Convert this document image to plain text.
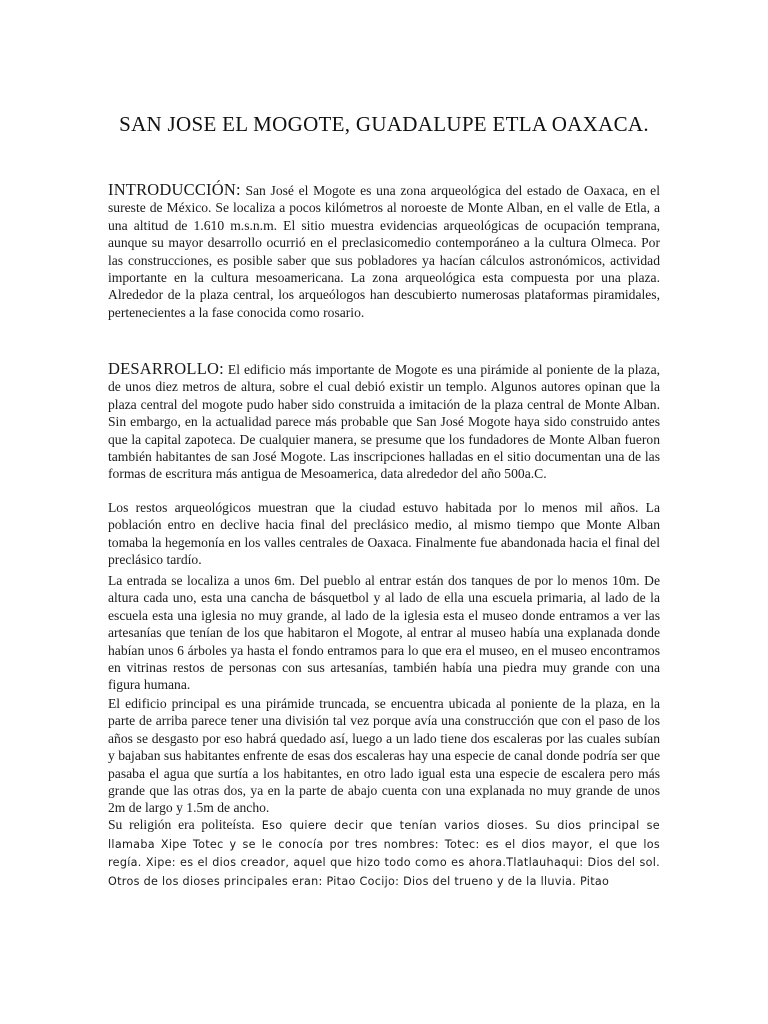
SAN JOSE EL MOGOTE, GUADALUPE ETLA OAXACA.

INTRODUCCIÓN: San José el Mogote es una zona arqueológica del estado de Oaxaca, en el sureste de México. Se localiza a pocos kilómetros al noroeste de Monte Alban, en el valle de Etla, a una altitud de 1.610 m.s.n.m. El sitio muestra evidencias arqueológicas de ocupación temprana, aunque su mayor desarrollo ocurrió en el preclasicomedio contemporáneo a la cultura Olmeca. Por las construcciones, es posible saber que sus pobladores ya hacían cálculos astronómicos, actividad importante en la cultura mesoamericana. La zona arqueológica esta compuesta por una plaza. Alrededor de la plaza central, los arqueólogos han descubierto numerosas plataformas piramidales, pertenecientes a la fase conocida como rosario.

DESARROLLO: El edificio más importante de Mogote es una pirámide al poniente de la plaza, de unos diez metros de altura, sobre el cual debió existir un templo. Algunos autores opinan que la plaza central del mogote pudo haber sido construida a imitación de la plaza central de Monte Alban. Sin embargo, en la actualidad parece más probable que San José Mogote haya sido construido antes que la capital zapoteca. De cualquier manera, se presume que los fundadores de Monte Alban fueron también habitantes de san José Mogote. Las inscripciones halladas en el sitio documentan una de las formas de escritura más antigua de Mesoamerica, data alrededor del año 500a.C.

Los restos arqueológicos muestran que la ciudad estuvo habitada por lo menos mil años. La población entro en declive hacia final del preclásico medio, al mismo tiempo que Monte Alban tomaba la hegemonía en los valles centrales de Oaxaca. Finalmente fue abandonada hacia el final del preclásico tardío.

La entrada se localiza a unos 6m. Del pueblo al entrar están dos tanques de por lo menos 10m. De altura cada uno, esta una cancha de básquetbol y al lado de ella una escuela primaria, al lado de la escuela esta una iglesia no muy grande, al lado de la iglesia esta el museo donde entramos a ver las artesanías que tenían de los que habitaron el Mogote, al entrar al museo había una explanada donde habían unos 6 árboles ya hasta el fondo entramos para lo que era el museo, en el museo encontramos en vitrinas restos de personas con sus artesanías, también había una piedra muy grande con una figura humana.

El edificio principal es una pirámide truncada, se encuentra ubicada al poniente de la plaza, en la parte de arriba parece tener una división tal vez porque avía una construcción que con el paso de los años se desgasto por eso habrá quedado así, luego a un lado tiene dos escaleras por las cuales subían y bajaban sus habitantes enfrente de esas dos escaleras hay una especie de canal donde podría ser que pasaba el agua que surtía a los habitantes, en otro lado igual esta una especie de escalera pero más grande que las otras dos, ya en la parte de abajo cuenta con una explanada no muy grande de unos 2m de largo y 1.5m de ancho.

Su religión era politeísta. Eso quiere decir que tenían varios dioses. Su dios principal se llamaba Xipe Totec y se le conocía por tres nombres: Totec: es el dios mayor, el que los regía. Xipe: es el dios creador, aquel que hizo todo como es ahora.Tlatlauhaqui: Dios del sol. Otros de los dioses principales eran: Pitao Cocijo: Dios del trueno y de la lluvia. Pitao
